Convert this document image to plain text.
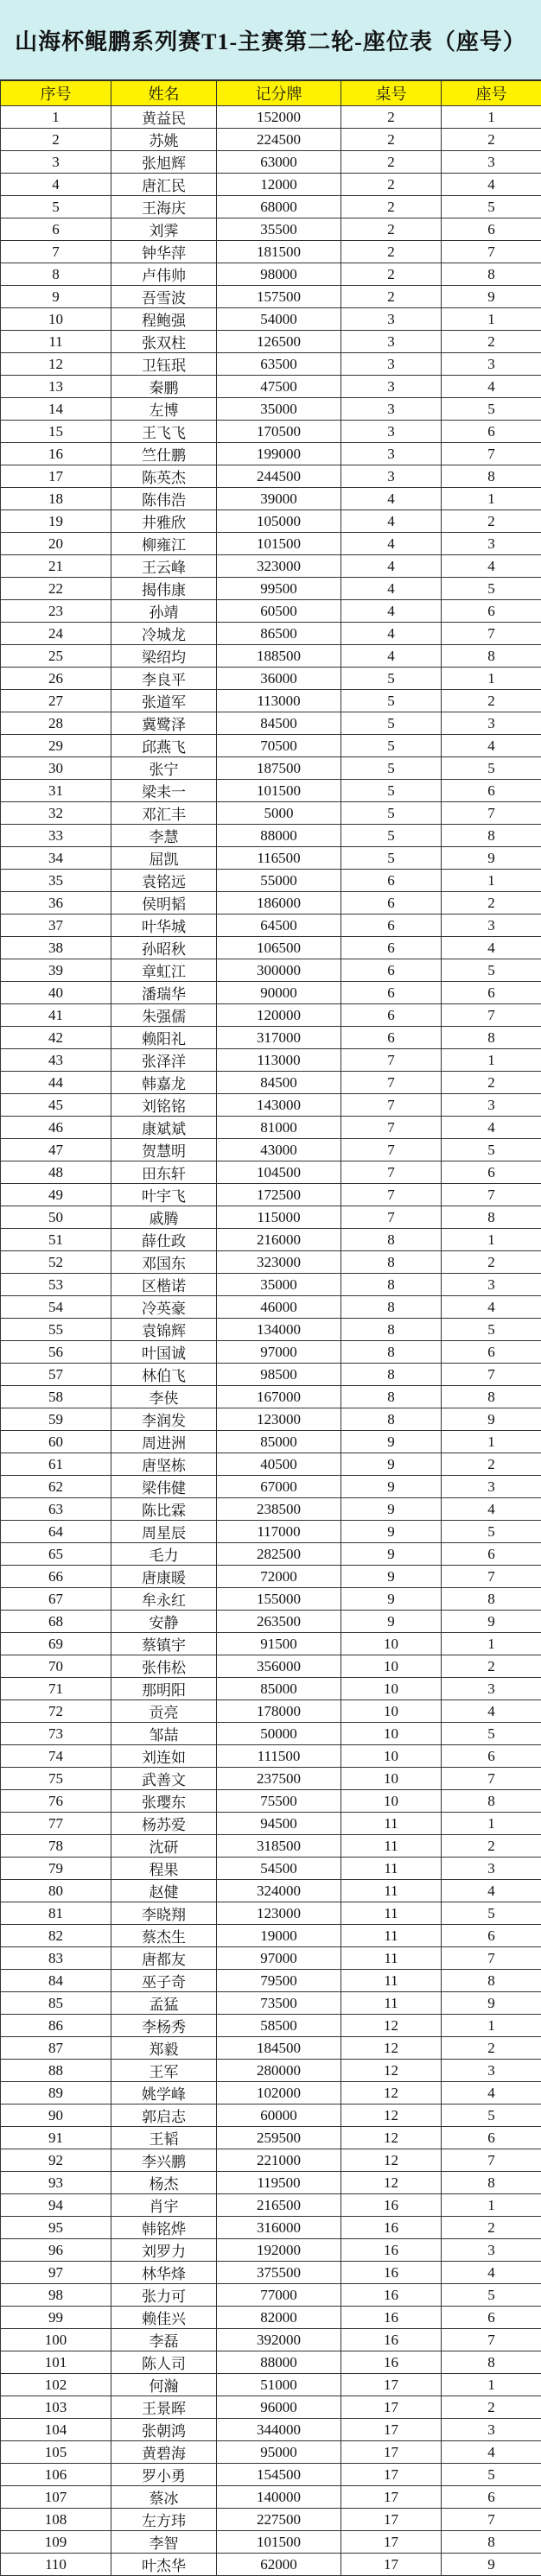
山海杯鲲鹏系列赛T1-主赛第二轮-座位表（座号）
序号	姓名	记分牌	桌号	座号
1	黄益民	152000	2	1
2	苏姚	224500	2	2
3	张旭辉	63000	2	3
4	唐汇民	12000	2	4
5	王海庆	68000	2	5
6	刘霁	35500	2	6
7	钟华萍	181500	2	7
8	卢伟帅	98000	2	8
9	吾雪波	157500	2	9
10	程鲍强	54000	3	1
11	张双柱	126500	3	2
12	卫钰珉	63500	3	3
13	秦鹏	47500	3	4
14	左博	35000	3	5
15	王飞飞	170500	3	6
16	竺仕鹏	199000	3	7
17	陈英杰	244500	3	8
18	陈伟浩	39000	4	1
19	井雅欣	105000	4	2
20	柳雍江	101500	4	3
21	王云峰	323000	4	4
22	揭伟康	99500	4	5
23	孙靖	60500	4	6
24	冷城龙	86500	4	7
25	梁绍均	188500	4	8
26	李良平	36000	5	1
27	张道军	113000	5	2
28	冀鹭泽	84500	5	3
29	邱燕飞	70500	5	4
30	张宁	187500	5	5
31	梁耒一	101500	5	6
32	邓汇丰	5000	5	7
33	李慧	88000	5	8
34	屈凯	116500	5	9
35	袁铭远	55000	6	1
36	侯明韬	186000	6	2
37	叶华城	64500	6	3
38	孙昭秋	106500	6	4
39	章虹江	300000	6	5
40	潘瑞华	90000	6	6
41	朱强儒	120000	6	7
42	赖阳礼	317000	6	8
43	张泽洋	113000	7	1
44	韩嘉龙	84500	7	2
45	刘铭铭	143000	7	3
46	康斌斌	81000	7	4
47	贺慧明	43000	7	5
48	田东轩	104500	7	6
49	叶宇飞	172500	7	7
50	戚腾	115000	7	8
51	薛仕政	216000	8	1
52	邓国东	323000	8	2
53	区楷诺	35000	8	3
54	冷英豪	46000	8	4
55	袁锦辉	134000	8	5
56	叶国诚	97000	8	6
57	林伯飞	98500	8	7
58	李侠	167000	8	8
59	李润发	123000	8	9
60	周进洲	85000	9	1
61	唐坚栋	40500	9	2
62	梁伟健	67000	9	3
63	陈比霖	238500	9	4
64	周星辰	117000	9	5
65	毛力	282500	9	6
66	唐康暖	72000	9	7
67	牟永红	155000	9	8
68	安静	263500	9	9
69	蔡镇宇	91500	10	1
70	张伟松	356000	10	2
71	那明阳	85000	10	3
72	贡亮	178000	10	4
73	邹喆	50000	10	5
74	刘连如	111500	10	6
75	武善文	237500	10	7
76	张璎东	75500	10	8
77	杨苏爱	94500	11	1
78	沈研	318500	11	2
79	程果	54500	11	3
80	赵健	324000	11	4
81	李晓翔	123000	11	5
82	蔡杰生	19000	11	6
83	唐都友	97000	11	7
84	巫子奇	79500	11	8
85	孟猛	73500	11	9
86	李杨秀	58500	12	1
87	郑毅	184500	12	2
88	王军	280000	12	3
89	姚学峰	102000	12	4
90	郭启志	60000	12	5
91	王韬	259500	12	6
92	李兴鹏	221000	12	7
93	杨杰	119500	12	8
94	肖宇	216500	16	1
95	韩铭烨	316000	16	2
96	刘罗力	192000	16	3
97	林华烽	375500	16	4
98	张力可	77000	16	5
99	赖佳兴	82000	16	6
100	李磊	392000	16	7
101	陈人司	88000	16	8
102	何瀚	51000	17	1
103	王景晖	96000	17	2
104	张朝鸿	344000	17	3
105	黄碧海	95000	17	4
106	罗小勇	154500	17	5
107	蔡冰	140000	17	6
108	左方玮	227500	17	7
109	李智	101500	17	8
110	叶杰华	62000	17	9
